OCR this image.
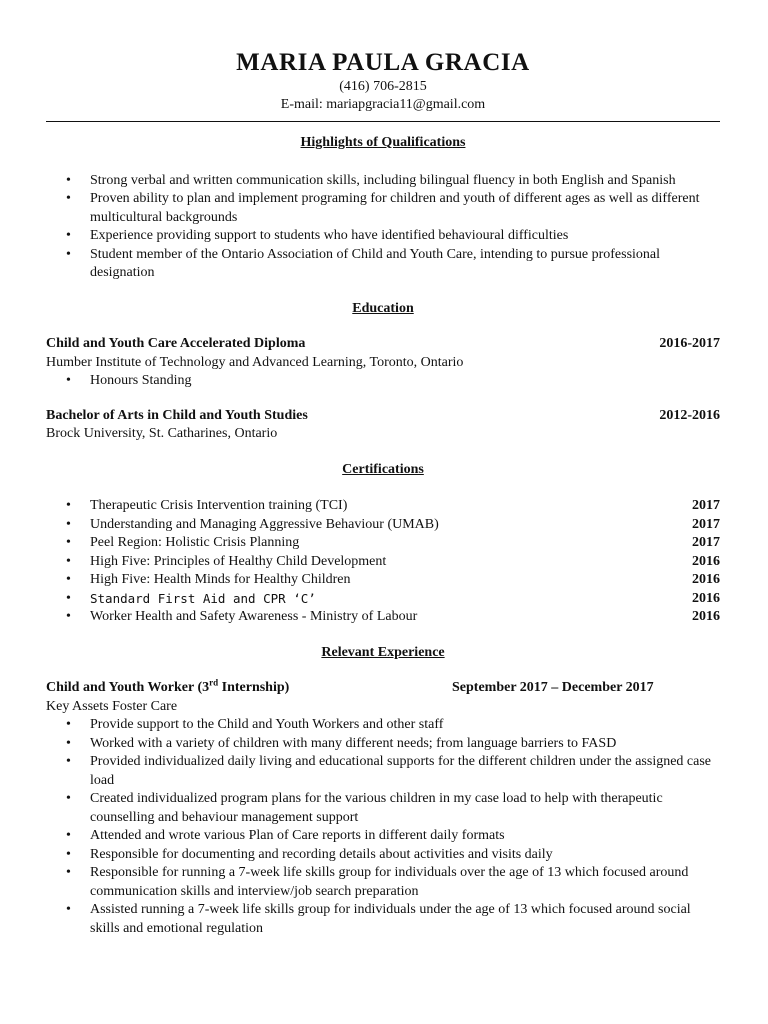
MARIA PAULA GRACIA
(416) 706-2815
E-mail: mariapgracia11@gmail.com
Highlights of Qualifications
• Strong verbal and written communication skills, including bilingual fluency in both English and Spanish
• Proven ability to plan and implement programing for children and youth of different ages as well as different multicultural backgrounds
• Experience providing support to students who have identified behavioural difficulties
• Student member of the Ontario Association of Child and Youth Care, intending to pursue professional designation
Education
Child and Youth Care Accelerated Diploma	2016-2017
Humber Institute of Technology and Advanced Learning, Toronto, Ontario
• Honours Standing
Bachelor of Arts in Child and Youth Studies	2012-2016
Brock University, St. Catharines, Ontario
Certifications
• Therapeutic Crisis Intervention training (TCI)	2017
• Understanding and Managing Aggressive Behaviour (UMAB)	2017
• Peel Region: Holistic Crisis Planning	2017
• High Five: Principles of Healthy Child Development	2016
• High Five: Health Minds for Healthy Children	2016
• Standard First Aid and CPR ‘C’	2016
• Worker Health and Safety Awareness - Ministry of Labour	2016
Relevant Experience
Child and Youth Worker (3rd Internship)	September 2017 – December 2017
Key Assets Foster Care
• Provide support to the Child and Youth Workers and other staff
• Worked with a variety of children with many different needs; from language barriers to FASD
• Provided individualized daily living and educational supports for the different children under the assigned case load
• Created individualized program plans for the various children in my case load to help with therapeutic counselling and behaviour management support
• Attended and wrote various Plan of Care reports in different daily formats
• Responsible for documenting and recording details about activities and visits daily
• Responsible for running a 7-week life skills group for individuals over the age of 13 which focused around communication skills and interview/job search preparation
• Assisted running a 7-week life skills group for individuals under the age of 13 which focused around social skills and emotional regulation
